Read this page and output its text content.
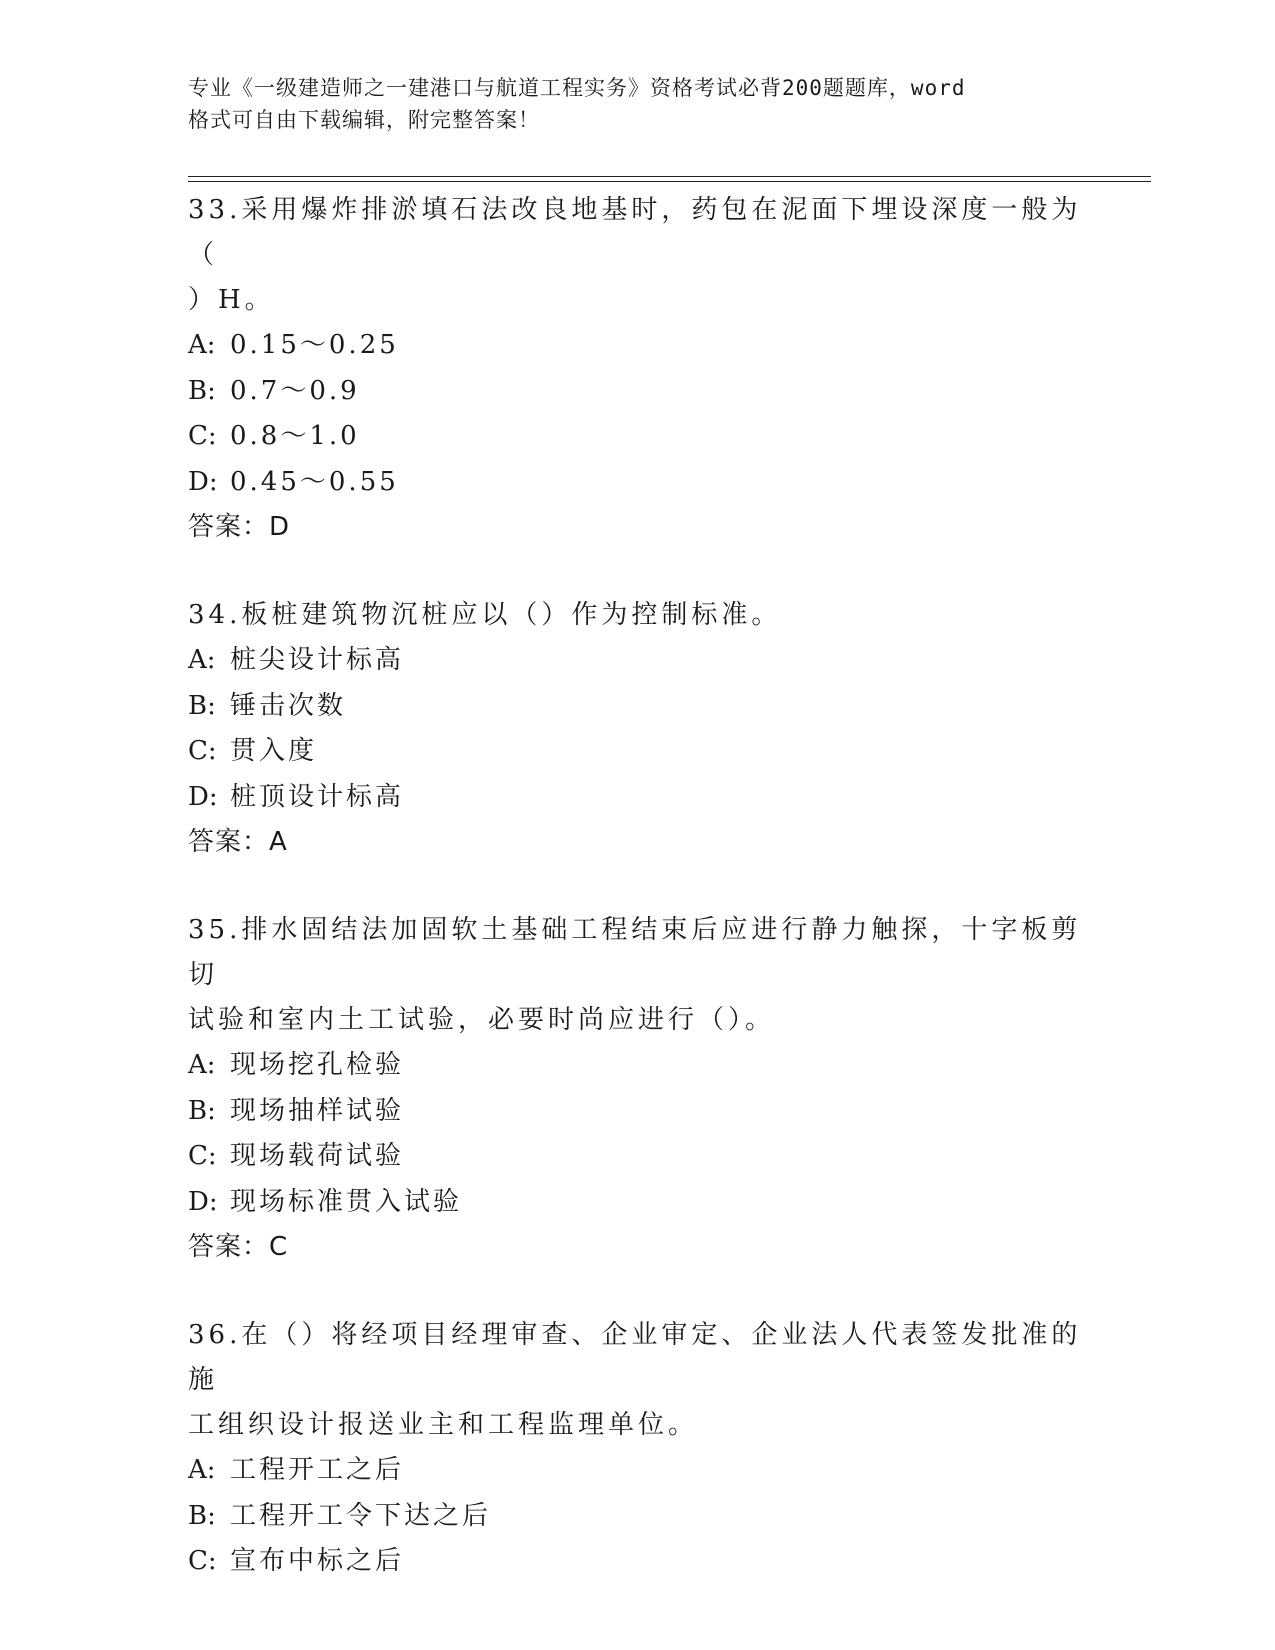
专业《一级建造师之一建港口与航道工程实务》资格考试必背200题题库，word
格式可自由下载编辑，附完整答案！
33.采用爆炸排淤填石法改良地基时，药包在泥面下埋设深度一般为（
）H。
A: 0.15～0.25
B: 0.7～0.9
C: 0.8～1.0
D: 0.45～0.55
答案：D
34.板桩建筑物沉桩应以（）作为控制标准。
A: 桩尖设计标高
B: 锤击次数
C: 贯入度
D: 桩顶设计标高
答案：A
35.排水固结法加固软土基础工程结束后应进行静力触探，十字板剪切
试验和室内土工试验，必要时尚应进行（）。
A: 现场挖孔检验
B: 现场抽样试验
C: 现场载荷试验
D: 现场标准贯入试验
答案：C
36.在（）将经项目经理审查、企业审定、企业法人代表签发批准的施
工组织设计报送业主和工程监理单位。
A: 工程开工之后
B: 工程开工令下达之后
C: 宣布中标之后
